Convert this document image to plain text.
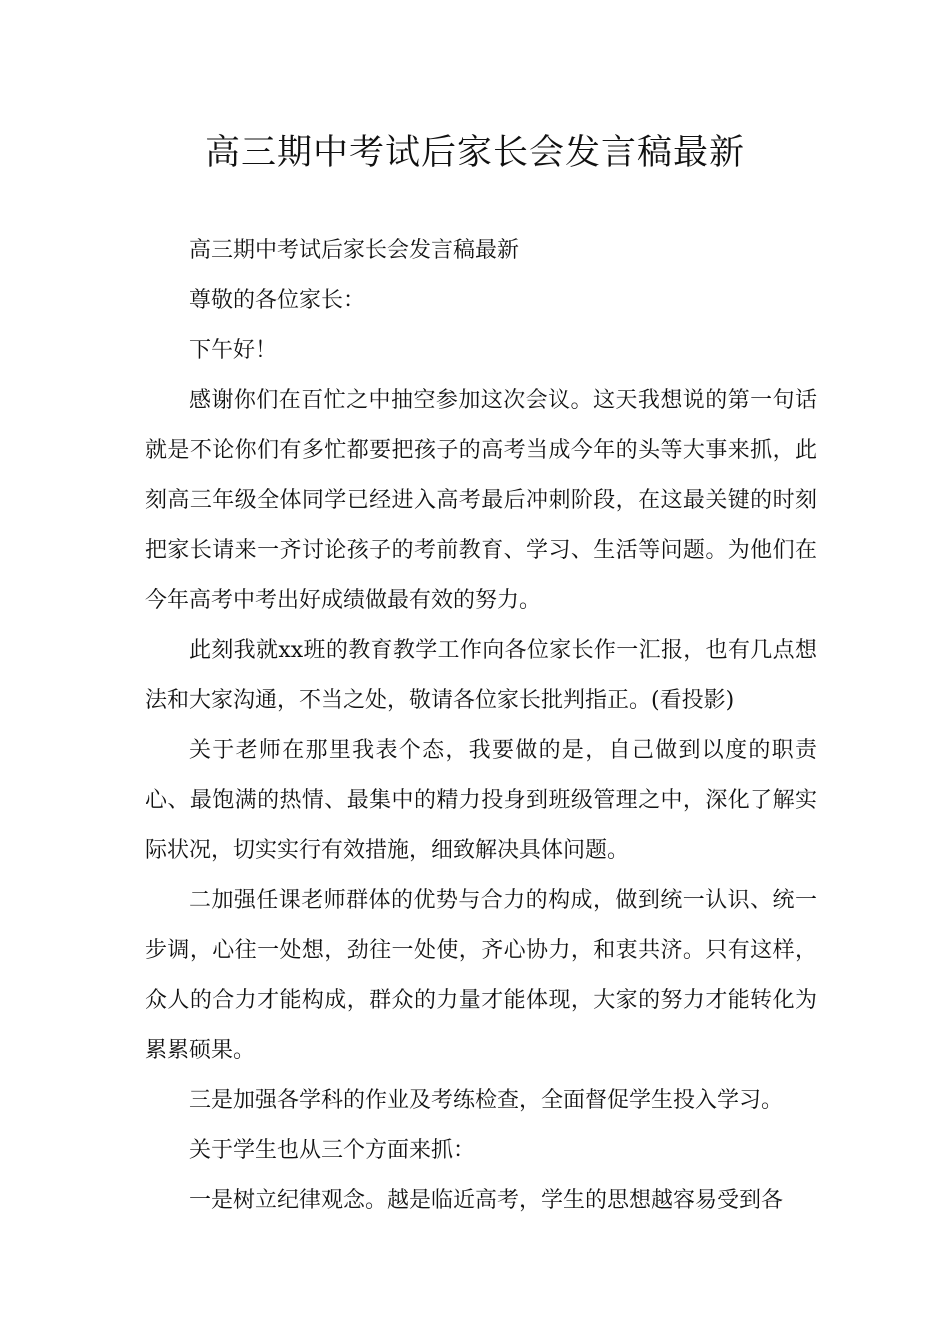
高三期中考试后家长会发言稿最新

高三期中考试后家长会发言稿最新

尊敬的各位家长：

下午好！

感谢你们在百忙之中抽空参加这次会议。这天我想说的第一句话就是不论你们有多忙都要把孩子的高考当成今年的头等大事来抓，此刻高三年级全体同学已经进入高考最后冲刺阶段，在这最关键的时刻把家长请来一齐讨论孩子的考前教育、学习、生活等问题。为他们在今年高考中考出好成绩做最有效的努力。

此刻我就xx班的教育教学工作向各位家长作一汇报，也有几点想法和大家沟通，不当之处，敬请各位家长批判指正。(看投影)

关于老师在那里我表个态，我要做的是，自己做到以度的职责心、最饱满的热情、最集中的精力投身到班级管理之中，深化了解实际状况，切实实行有效措施，细致解决具体问题。

二加强任课老师群体的优势与合力的构成，做到统一认识、统一步调，心往一处想，劲往一处使，齐心协力，和衷共济。只有这样，众人的合力才能构成，群众的力量才能体现，大家的努力才能转化为累累硕果。

三是加强各学科的作业及考练检查，全面督促学生投入学习。

关于学生也从三个方面来抓：

一是树立纪律观念。越是临近高考，学生的思想越容易受到各
